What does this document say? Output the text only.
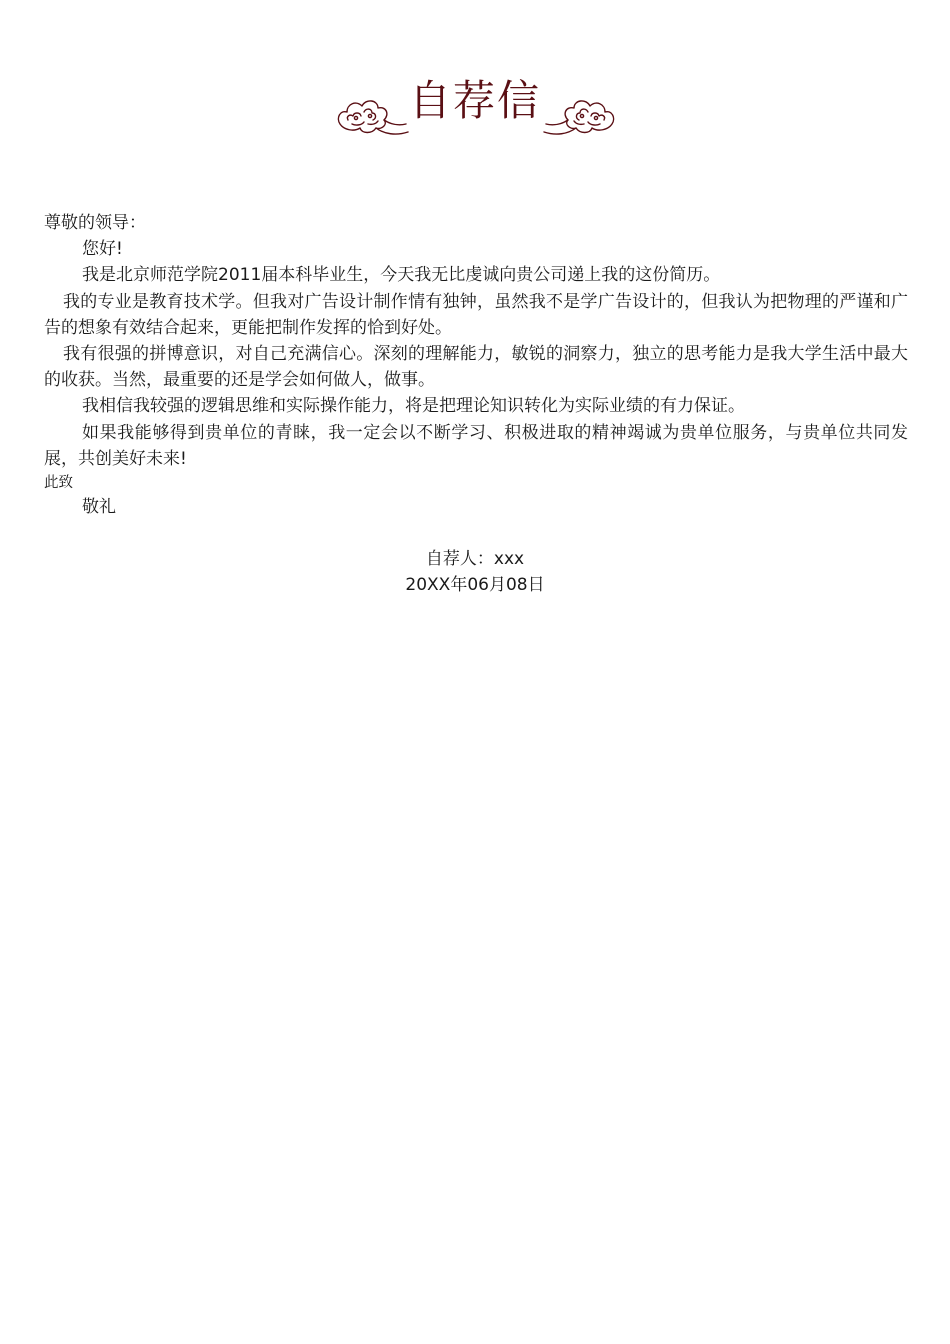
自荐信

尊敬的领导：

您好!

我是北京师范学院2011届本科毕业生，今天我无比虔诚向贵公司递上我的这份简历。

我的专业是教育技术学。但我对广告设计制作情有独钟，虽然我不是学广告设计的，但我认为把物理的严谨和广告的想象有效结合起来，更能把制作发挥的恰到好处。

我有很强的拼博意识，对自己充满信心。深刻的理解能力，敏锐的洞察力，独立的思考能力是我大学生活中最大的收获。当然，最重要的还是学会如何做人，做事。

我相信我较强的逻辑思维和实际操作能力，将是把理论知识转化为实际业绩的有力保证。

如果我能够得到贵单位的青睐，我一定会以不断学习、积极进取的精神竭诚为贵单位服务，与贵单位共同发展，共创美好未来!

此致

敬礼

自荐人：xxx
20XX年06月08日
